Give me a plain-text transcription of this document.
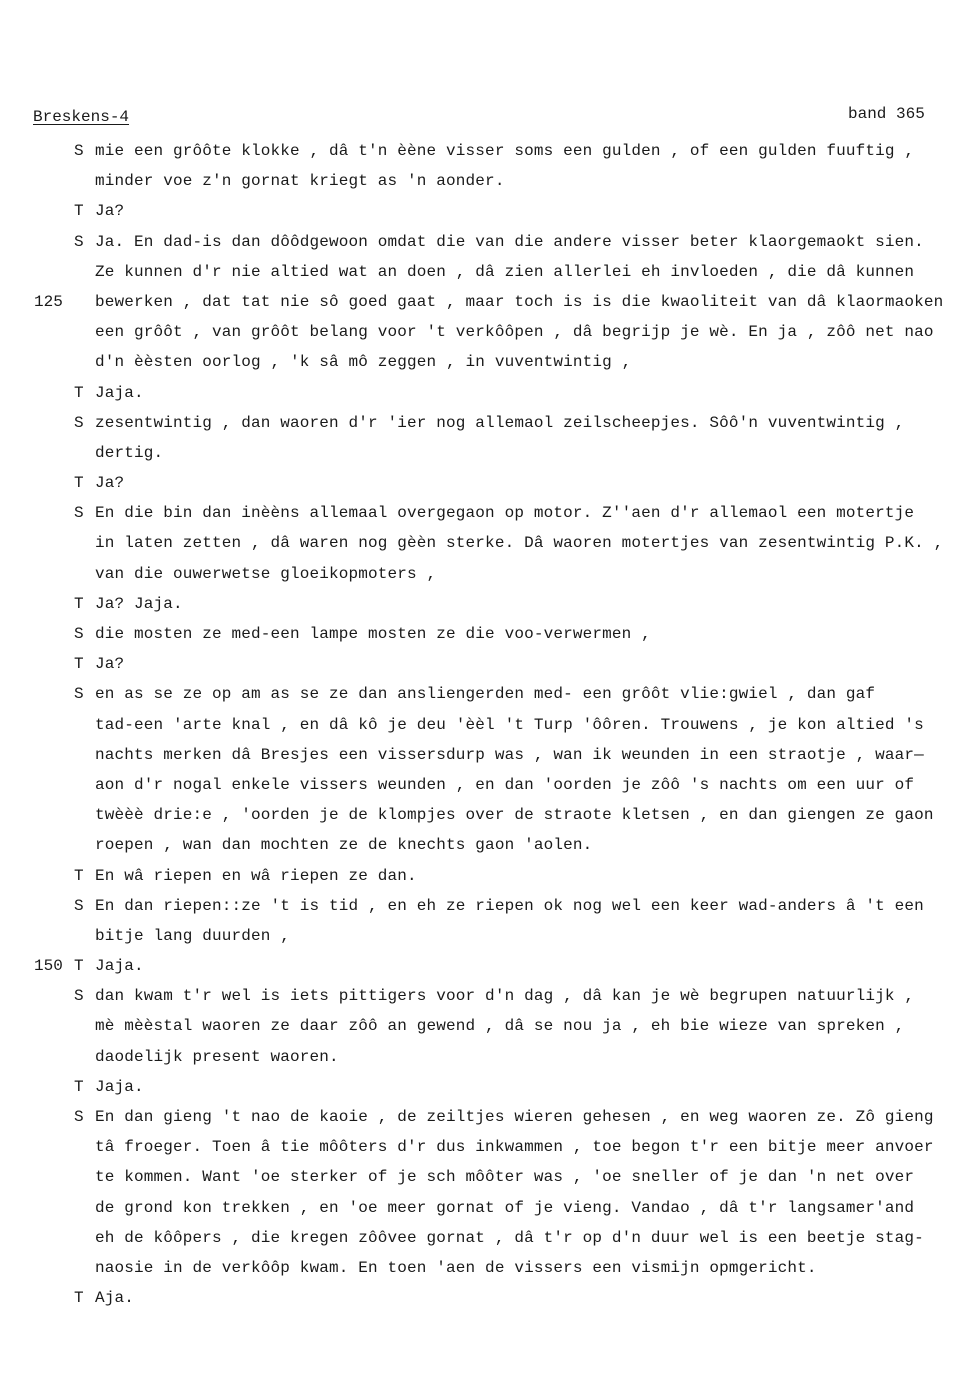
Breskens-4	band 365
S mie een grôôte klokke , dâ t'n èène visser soms een gulden , of een gulden fuuftig ,
minder voe z'n gornat kriegt as 'n aonder.
T Ja?
S Ja. En dad-is dan dôôdgewoon omdat die van die andere visser beter klaorgemaokt sien.
Ze kunnen d'r nie altied wat an doen , dâ zien allerlei eh invloeden , die dâ kunnen
125	bewerken , dat tat nie sô goed gaat , maar toch is is die kwaoliteit van dâ klaormaoken
een grôôt , van grôôt belang voor 't verkôôpen , dâ begrijp je wè. En ja , zôô net nao
d'n èèsten oorlog , 'k sâ mô zeggen , in vuventwintig ,
T Jaja.
S zesentwintig , dan waoren d'r 'ier nog allemaol zeilscheepjes. Sôô'n vuventwintig ,
dertig.
T Ja?
S En die bin dan inèèns allemaal overgegaon op motor. Z''aen d'r allemaol een motertje
in laten zetten , dâ waren nog gèèn sterke. Dâ waoren motertjes van zesentwintig P.K. ,
van die ouwerwetse gloeikopmoters ,
T Ja? Jaja.
S die mosten ze med-een lampe mosten ze die voo-verwermen ,
T Ja?
S en as se ze op am as se ze dan ansliengerden med- een grôôt vlie:gwiel , dan gaf
tad-een 'arte knal , en dâ kô je deu 'èèl 't Turp 'ôôren. Trouwens , je kon altied 's
nachts merken dâ Bresjes een vissersdurp was , wan ik weunden in een straotje , waar—
aon d'r nogal enkele vissers weunden , en dan 'oorden je zôô 's nachts om een uur of
twèèè drie:e , 'oorden je de klompjes over de straote kletsen , en dan giengen ze gaon
roepen , wan dan mochten ze de knechts gaon 'aolen.
T En wâ riepen en wâ riepen ze dan.
S En dan riepen::ze 't is tid , en eh ze riepen ok nog wel een keer wad-anders â 't een
bitje lang duurden ,
150 T Jaja.
S dan kwam t'r wel is iets pittigers voor d'n dag , dâ kan je wè begrupen natuurlijk ,
mè mèèstal waoren ze daar zôô an gewend , dâ se nou ja , eh bie wieze van spreken ,
daodelijk present waoren.
T Jaja.
S En dan gieng 't nao de kaoie , de zeiltjes wieren gehesen , en weg waoren ze. Zô gieng
tâ froeger. Toen â tie môôters d'r dus inkwammen , toe begon t'r een bitje meer anvoer
te kommen. Want 'oe sterker of je sch môôter was , 'oe sneller of je dan 'n net over
de grond kon trekken , en 'oe meer gornat of je vieng. Vandao , dâ t'r langsamer'and
eh de kôôpers , die kregen zôôvee gornat , dâ t'r op d'n duur wel is een beetje stag-
naosie in de verkôôp kwam. En toen 'aen de vissers een vismijn opmgericht.
T Aja.
